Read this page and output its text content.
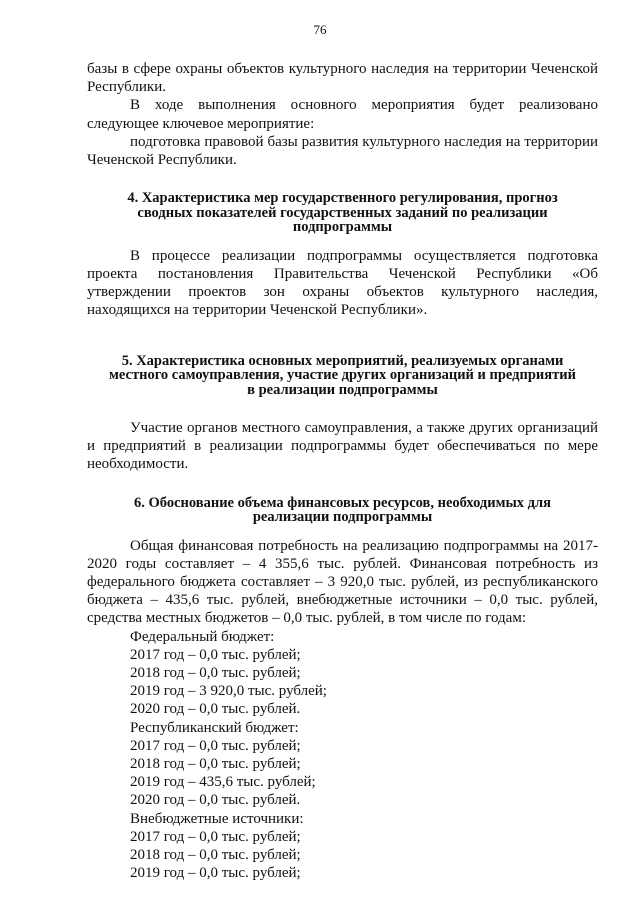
76

базы в сфере охраны объектов культурного наследия на территории Чеченской Республики.

В ходе выполнения основного мероприятия будет реализовано следующее ключевое мероприятие:

подготовка правовой базы развития культурного наследия на территории Чеченской Республики.

4. Характеристика мер государственного регулирования, прогноз
сводных показателей государственных заданий по реализации
подпрограммы

В процессе реализации подпрограммы осуществляется подготовка проекта постановления Правительства Чеченской Республики «Об утверждении проектов зон охраны объектов культурного наследия, находящихся на территории Чеченской Республики».

5. Характеристика основных мероприятий, реализуемых органами
местного самоуправления, участие других организаций и предприятий
в реализации подпрограммы

Участие органов местного самоуправления, а также других организаций и предприятий в реализации подпрограммы будет обеспечиваться по мере необходимости.

6. Обоснование объема финансовых ресурсов, необходимых для
реализации подпрограммы

Общая финансовая потребность на реализацию подпрограммы на 2017-2020 годы составляет – 4 355,6 тыс. рублей. Финансовая потребность из федерального бюджета составляет – 3 920,0 тыс. рублей, из республиканского бюджета – 435,6 тыс. рублей, внебюджетные источники – 0,0 тыс. рублей, средства местных бюджетов – 0,0 тыс. рублей, в том числе по годам:

Федеральный бюджет:
2017 год – 0,0 тыс. рублей;
2018 год – 0,0 тыс. рублей;
2019 год – 3 920,0 тыс. рублей;
2020 год – 0,0 тыс. рублей.
Республиканский бюджет:
2017 год – 0,0 тыс. рублей;
2018 год – 0,0 тыс. рублей;
2019 год – 435,6 тыс. рублей;
2020 год – 0,0 тыс. рублей.
Внебюджетные источники:
2017 год – 0,0 тыс. рублей;
2018 год – 0,0 тыс. рублей;
2019 год – 0,0 тыс. рублей;
